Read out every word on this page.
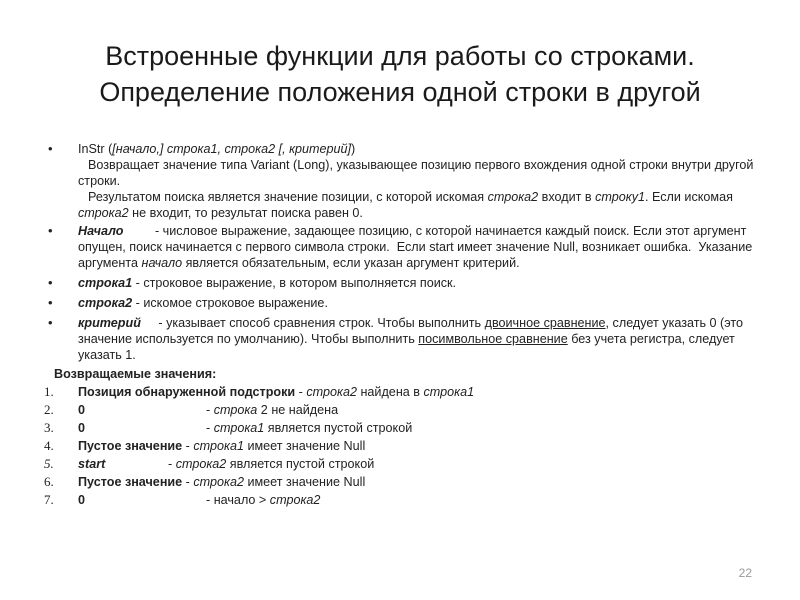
Встроенные функции для работы со строками.
Определение положения одной строки в другой
• InStr ([начало,] строка1, строка2 [, критерий])
Возвращает значение типа Variant (Long), указывающее позицию первого вхождения одной строки внутри другой строки.
Результатом поиска является значение позиции, с которой искомая строка2 входит в строку1. Если искомая строка2 не входит, то результат поиска равен 0.
• Начало         - числовое выражение, задающее позицию, с которой начинается каждый поиск. Если этот аргумент опущен, поиск начинается с первого символа строки.  Если start имеет значение Null, возникает ошибка.  Указание аргумента начало является обязательным, если указан аргумент критерий.
• строка1 - строковое выражение, в котором выполняется поиск.
• строка2 - искомое строковое выражение.
• критерий     - указывает способ сравнения строк. Чтобы выполнить двоичное сравнение, следует указать 0 (это значение используется по умолчанию). Чтобы выполнить посимвольное сравнение без учета регистра, следует указать 1.
Возвращаемые значения:
1. Позиция обнаруженной подстроки - строка2 найдена в строка1
2. 0	- строка 2 не найдена
3. 0	- строка1 является пустой строкой
4. Пустое значение - строка1 имеет значение Null
5. start	- строка2 является пустой строкой
6. Пустое значение - строка2 имеет значение Null
7. 0	- начало > строка2
22
